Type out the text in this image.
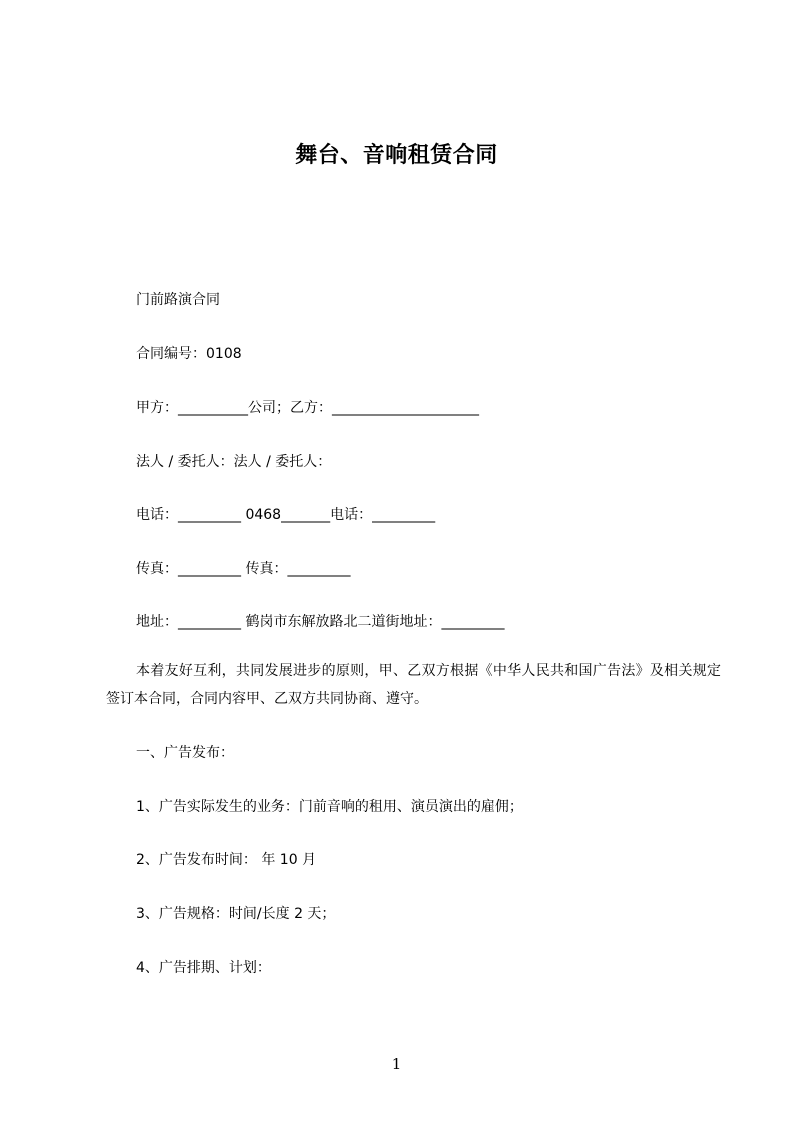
舞台、音响租赁合同
门前路演合同
合同编号：0108
甲方：__________公司；乙方：_____________________
法人 / 委托人：法人 / 委托人：
电话：_________ 0468_______电话：_________
传真：_________ 传真：_________
地址：_________ 鹤岗市东解放路北二道街地址：_________
本着友好互利，共同发展进步的原则，甲、乙双方根据《中华人民共和国广告法》及相关规定签订本合同，合同内容甲、乙双方共同协商、遵守。
一、广告发布：
1、广告实际发生的业务：门前音响的租用、演员演出的雇佣；
2、广告发布时间： 年 10 月
3、广告规格：时间/长度 2 天；
4、广告排期、计划：
1
